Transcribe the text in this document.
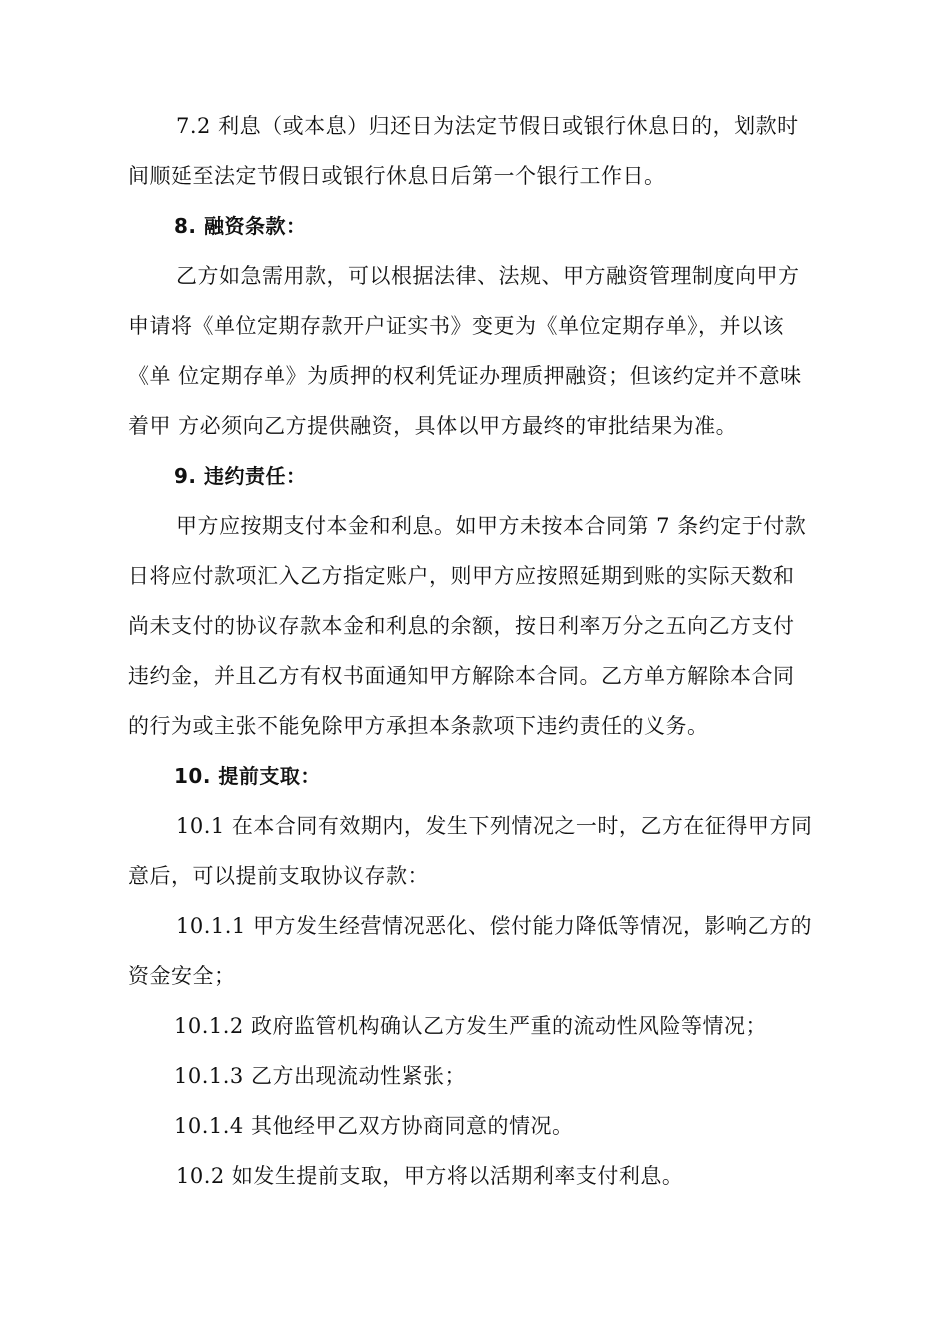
7.2 利息（或本息）归还日为法定节假日或银行休息日的，划款时
间顺延至法定节假日或银行休息日后第一个银行工作日。
8. 融资条款：
乙方如急需用款，可以根据法律、法规、甲方融资管理制度向甲方
申请将《单位定期存款开户证实书》变更为《单位定期存单》，并以该
《单 位定期存单》为质押的权利凭证办理质押融资；但该约定并不意味
着甲 方必须向乙方提供融资，具体以甲方最终的审批结果为准。
9. 违约责任：
甲方应按期支付本金和利息。如甲方未按本合同第 7 条约定于付款
日将应付款项汇入乙方指定账户，则甲方应按照延期到账的实际天数和
尚未支付的协议存款本金和利息的余额，按日利率万分之五向乙方支付
违约金，并且乙方有权书面通知甲方解除本合同。乙方单方解除本合同
的行为或主张不能免除甲方承担本条款项下违约责任的义务。
10. 提前支取：
10.1 在本合同有效期内，发生下列情况之一时，乙方在征得甲方同
意后，可以提前支取协议存款：
10.1.1 甲方发生经营情况恶化、偿付能力降低等情况，影响乙方的
资金安全；
10.1.2 政府监管机构确认乙方发生严重的流动性风险等情况；
10.1.3 乙方出现流动性紧张；
10.1.4 其他经甲乙双方协商同意的情况。
10.2 如发生提前支取，甲方将以活期利率支付利息。
